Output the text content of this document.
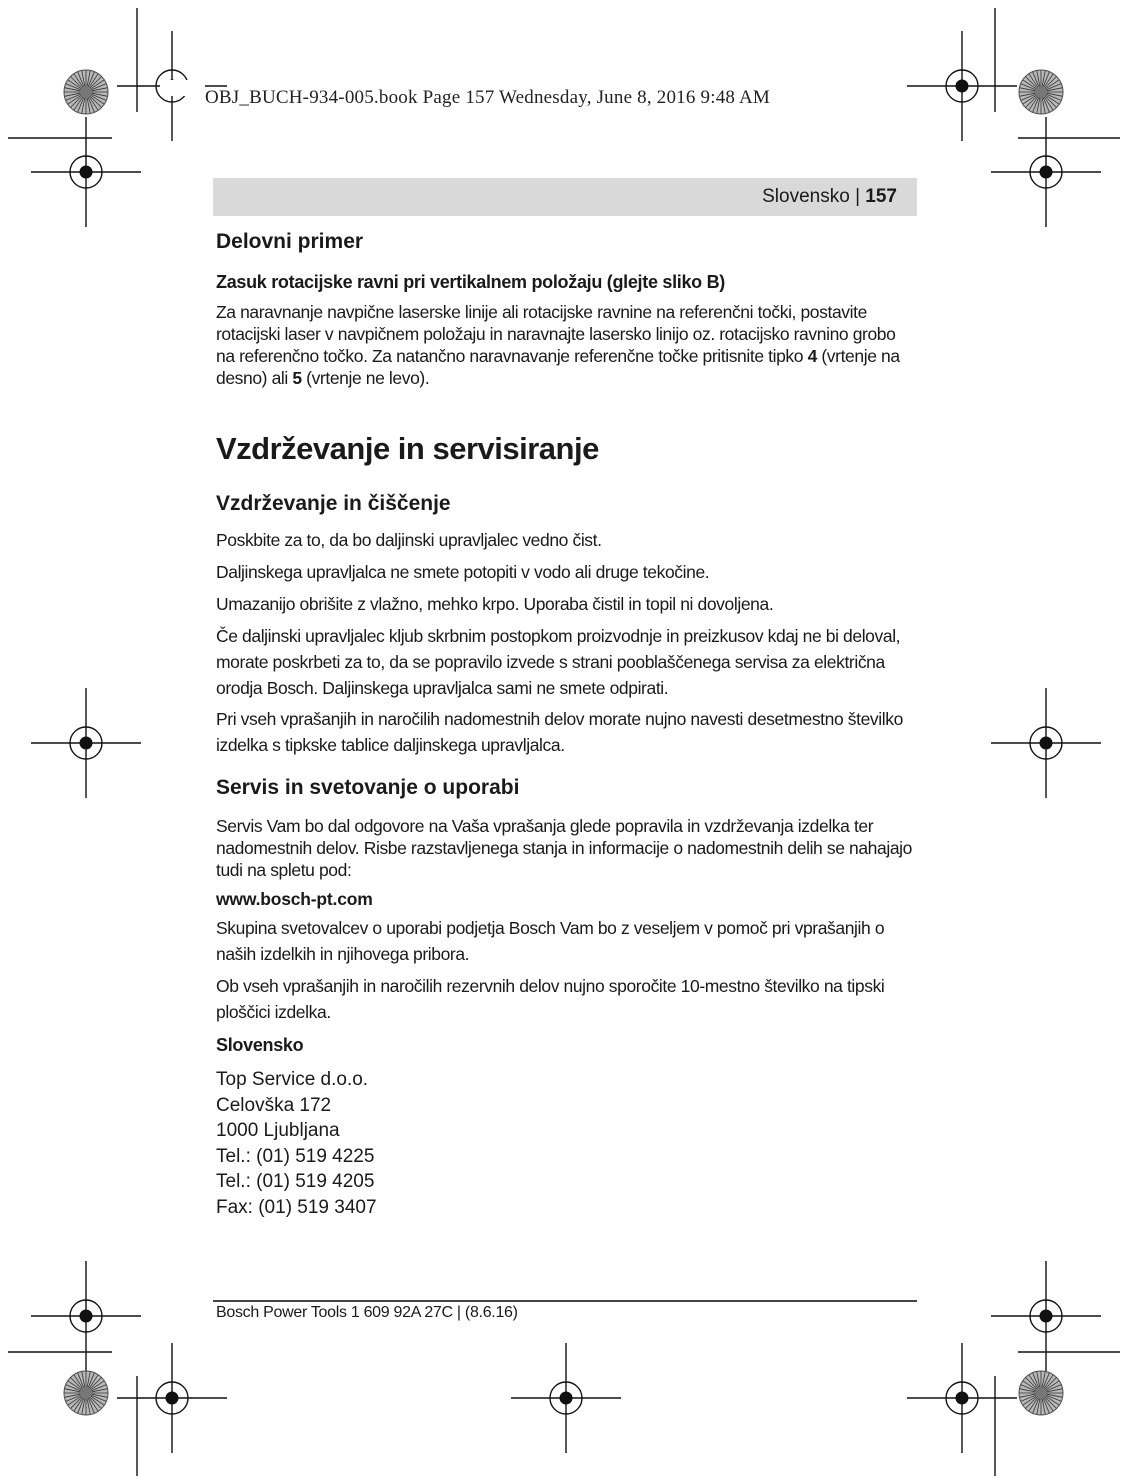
OBJ_BUCH-934-005.book Page 157 Wednesday, June 8, 2016 9:48 AM
Slovensko | 157
Delovni primer
Zasuk rotacijske ravni pri vertikalnem položaju (glejte sliko B)

Za naravnanje navpične laserske linije ali rotacijske ravnine na referenčni točki, postavite rotacijski laser v navpičnem položaju in naravnajte lasersko linijo oz. rotacijsko ravnino grobo na referenčno točko. Za natančno naravnavanje referenčne točke pritisnite tipko 4 (vrtenje na desno) ali 5 (vrtenje ne levo).

Vzdrževanje in servisiranje
Vzdrževanje in čiščenje

Poskbite za to, da bo daljinski upravljalec vedno čist.

Daljinskega upravljalca ne smete potopiti v vodo ali druge tekočine.

Umazanijo obrišite z vlažno, mehko krpo. Uporaba čistil in topil ni dovoljena.

Če daljinski upravljalec kljub skrbnim postopkom proizvodnje in preizkusov kdaj ne bi deloval, morate poskrbeti za to, da se popravilo izvede s strani pooblaščenega servisa za električna orodja Bosch. Daljinskega upravljalca sami ne smete odpirati.

Pri vseh vprašanjih in naročilih nadomestnih delov morate nujno navesti desetmestno številko izdelka s tipkske tablice daljinskega upravljalca.

Servis in svetovanje o uporabi

Servis Vam bo dal odgovore na Vaša vprašanja glede popravila in vzdrževanja izdelka ter nadomestnih delov. Risbe razstavljenega stanja in informacije o nadomestnih delih se nahajajo tudi na spletu pod:

www.bosch-pt.com

Skupina svetovalcev o uporabi podjetja Bosch Vam bo z veseljem v pomoč pri vprašanjih o naših izdelkih in njihovega pribora.

Ob vseh vprašanjih in naročilih rezervnih delov nujno sporočite 10-mestno številko na tipski ploščici izdelka.

Slovensko
Top Service d.o.o.
Celovška 172
1000 Ljubljana
Tel.: (01) 519 4225
Tel.: (01) 519 4205
Fax: (01) 519 3407
Bosch Power Tools 1 609 92A 27C | (8.6.16)
